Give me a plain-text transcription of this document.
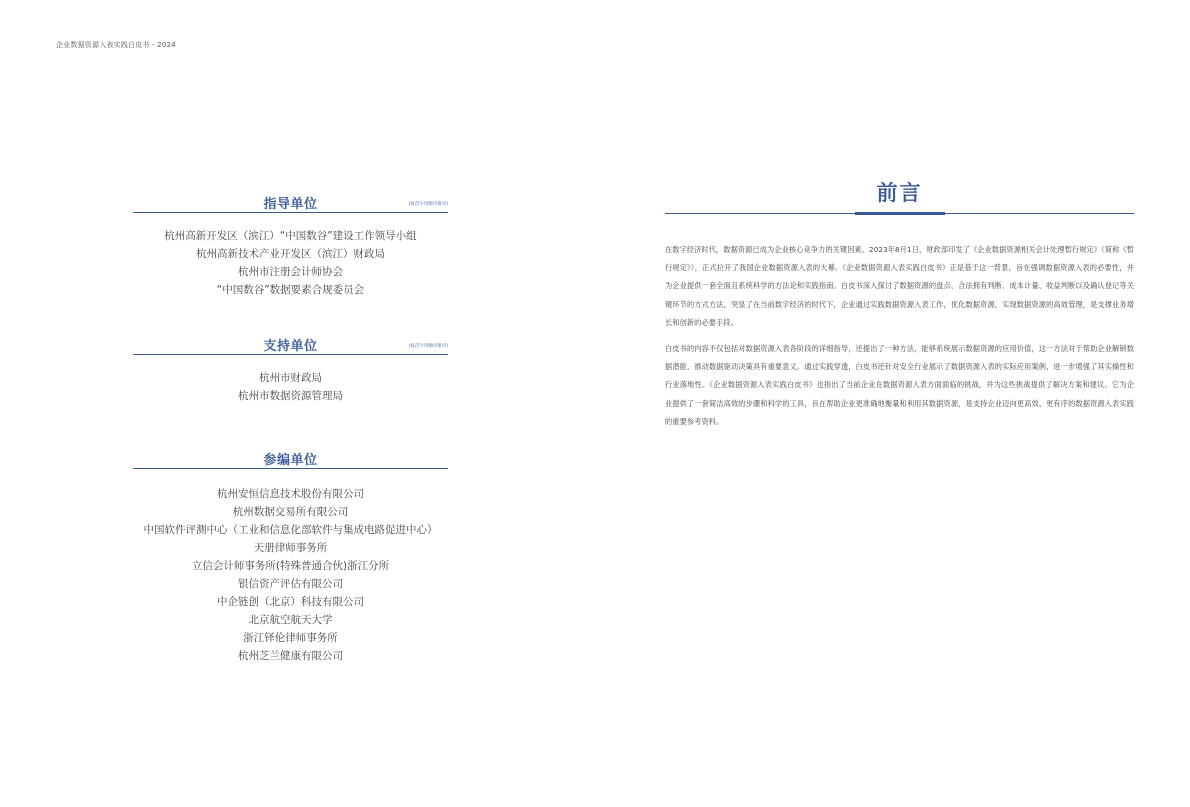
企业数据资源入表实践白皮书 - 2024
指导单位	(按首字母顺序排序)
杭州高新开发区（滨江）“中国数谷”建设工作领导小组
杭州高新技术产业开发区（滨江）财政局
杭州市注册会计师协会
“中国数谷”数据要素合规委员会
支持单位	(按首字母顺序排序)
杭州市财政局
杭州市数据资源管理局
参编单位
杭州安恒信息技术股份有限公司
杭州数据交易所有限公司
中国软件评测中心（工业和信息化部软件与集成电路促进中心）
天册律师事务所
立信会计师事务所(特殊普通合伙)浙江分所
银信资产评估有限公司
中企链创（北京）科技有限公司
北京航空航天大学
浙江铎伦律师事务所
杭州芝兰健康有限公司
前言

在数字经济时代，数据资源已成为企业核心竞争力的关键因素。2023年8月1日，财政部印发了《企业数据资源相关会计处理暂行规定》（简称《暂行规定》），正式拉开了我国企业数据资源入表的大幕。《企业数据资源入表实践白皮书》正是基于这一背景，旨在强调数据资源入表的必要性，并为企业提供一套全面且系统科学的方法论和实践指南。白皮书深入探讨了数据资源的盘点、合法拥有判断、成本计量、收益判断以及确认登记等关键环节的方式方法，突显了在当前数字经济的时代下，企业通过实践数据资源入表工作，优化数据资源，实现数据资源的高效管理，是支撑业务增长和创新的必要手段。

白皮书的内容不仅包括对数据资源入表各阶段的详细指导，还提出了一种方法，能够系统展示数据资源的应用价值，这一方法对于帮助企业解锁数据潜能、推动数据驱动决策具有重要意义。通过实践穿透，白皮书还针对安全行业展示了数据资源入表的实际应用案例，进一步增强了其实操性和行业落地性。《企业数据资源入表实践白皮书》也指出了当前企业在数据资源入表方面面临的挑战，并为这些挑战提供了解决方案和建议。它为企业提供了一套简洁高效的步骤和科学的工具，旨在帮助企业更准确地衡量和利用其数据资源，是支持企业迈向更高效、更有序的数据资源入表实践的重要参考资料。
